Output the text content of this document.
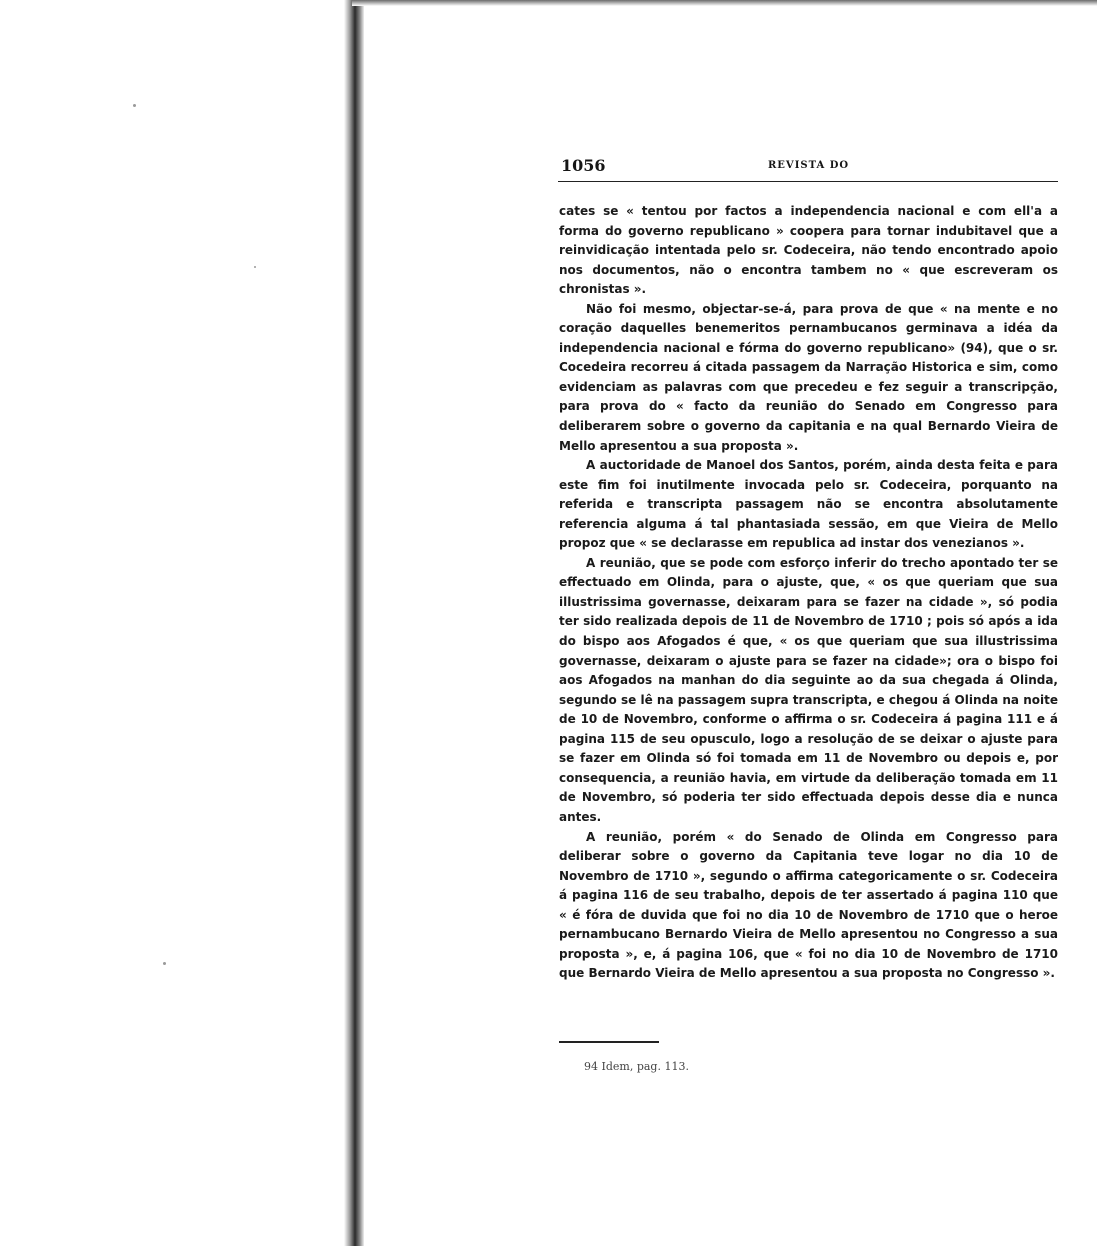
1056	REVISTA DO

cates se « tentou por factos a independencia nacional e com ell'a a forma do governo republicano » coopera para tornar indubitavel que a reinvidicação intentada pelo sr. Codeceira, não tendo encontrado apoio nos documentos, não o encontra tambem no « que escreveram os chronistas ».

Não foi mesmo, objectar-se-á, para prova de que « na mente e no coração daquelles benemeritos pernambucanos germinava a idéa da independencia nacional e fórma do governo republicano» (94), que o sr. Cocedeira recorreu á citada passagem da Narração Historica e sim, como evidenciam as palavras com que precedeu e fez seguir a transcripção, para prova do « facto da reunião do Senado em Congresso para deliberarem sobre o governo da capitania e na qual Bernardo Vieira de Mello apresentou a sua proposta ».

A auctoridade de Manoel dos Santos, porém, ainda desta feita e para este fim foi inutilmente invocada pelo sr. Codeceira, porquanto na referida e transcripta passagem não se encontra absolutamente referencia alguma á tal phantasiada sessão, em que Vieira de Mello propoz que « se declarasse em republica ad instar dos venezianos ».

A reunião, que se pode com esforço inferir do trecho apontado ter se effectuado em Olinda, para o ajuste, que, « os que queriam que sua illustrissima governasse, deixaram para se fazer na cidade », só podia ter sido realizada depois de 11 de Novembro de 1710 ; pois só após a ida do bispo aos Afogados é que, « os que queriam que sua illustrissima governasse, deixaram o ajuste para se fazer na cidade»; ora o bispo foi aos Afogados na manhan do dia seguinte ao da sua chegada á Olinda, segundo se lê na passagem supra transcripta, e chegou á Olinda na noite de 10 de Novembro, conforme o affirma o sr. Codeceira á pagina 111 e á pagina 115 de seu opusculo, logo a resolução de se deixar o ajuste para se fazer em Olinda só foi tomada em 11 de Novembro ou depois e, por consequencia, a reunião havia, em virtude da deliberação tomada em 11 de Novembro, só poderia ter sido effectuada depois desse dia e nunca antes.

A reunião, porém « do Senado de Olinda em Congresso para deliberar sobre o governo da Capitania teve logar no dia 10 de Novembro de 1710 », segundo o affirma categoricamente o sr. Codeceira á pagina 116 de seu trabalho, depois de ter assertado á pagina 110 que « é fóra de duvida que foi no dia 10 de Novembro de 1710 que o heroe pernambucano Bernardo Vieira de Mello apresentou no Congresso a sua proposta », e, á pagina 106, que « foi no dia 10 de Novembro de 1710 que Bernardo Vieira de Mello apresentou a sua proposta no Congresso ».

94 Idem, pag. 113.
